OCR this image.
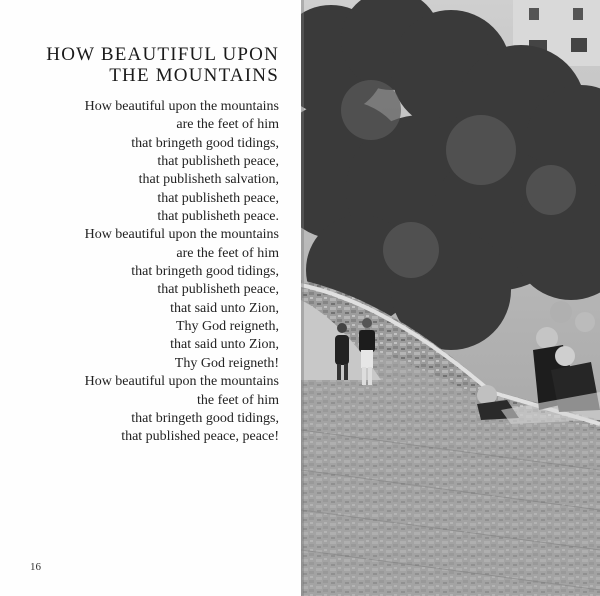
HOW BEAUTIFUL UPON
THE MOUNTAINS
How beautiful upon the mountains
are the feet of him
that bringeth good tidings,
that publisheth peace,
that publisheth salvation,
that publisheth peace,
that publisheth peace.
How beautiful upon the mountains
are the feet of him
that bringeth good tidings,
that publisheth peace,
that said unto Zion,
Thy God reigneth,
that said unto Zion,
Thy God reigneth!
How beautiful upon the mountains
the feet of him
that bringeth good tidings,
that published peace, peace!
16
